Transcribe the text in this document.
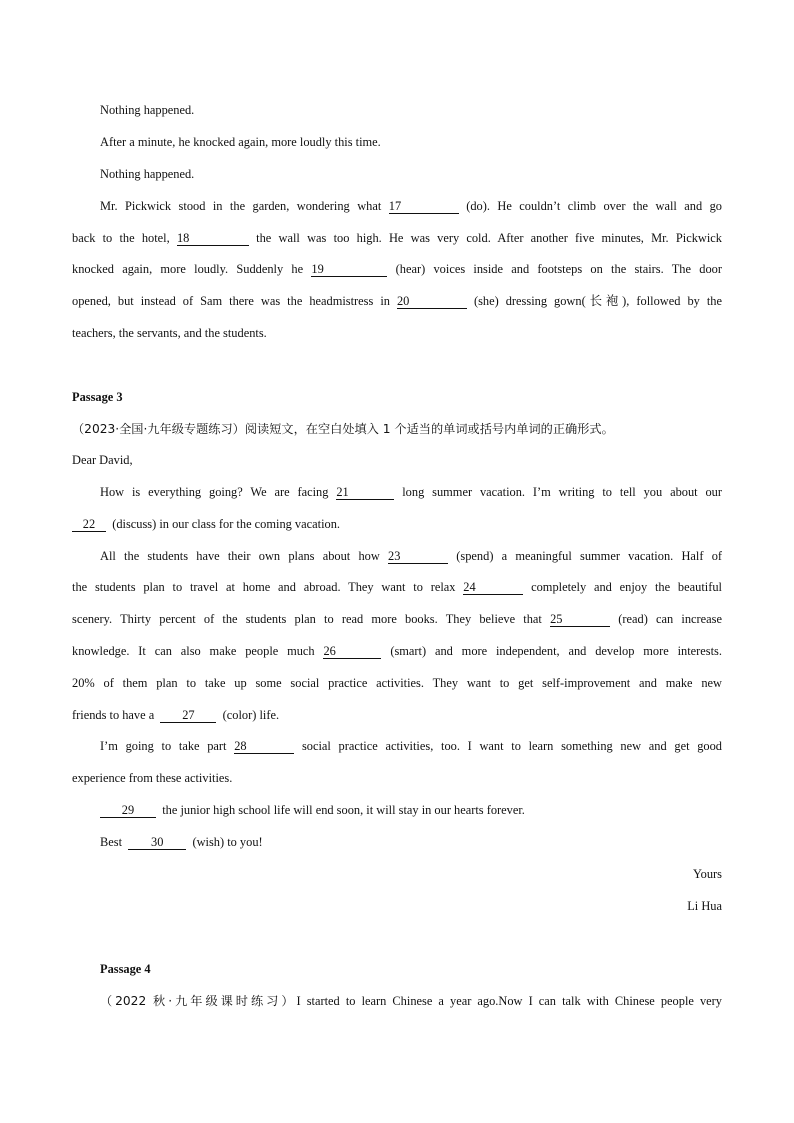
Nothing happened.
After a minute, he knocked again, more loudly this time.
Nothing happened.
Mr. Pickwick stood in the garden, wondering what 17	(do). He couldn’t climb over the wall and go
back to the hotel, 18	the wall was too high. He was very cold. After another five minutes, Mr. Pickwick
knocked again, more loudly. Suddenly he 19	(hear) voices inside and footsteps on the stairs. The door
opened, but instead of Sam there was the headmistress in 20	(she) dressing gown(长袍), followed by the
teachers, the servants, and the students.
Passage 3
（2023·全国·九年级专题练习）阅读短文，在空白处填入 1 个适当的单词或括号内单词的正确形式。
Dear David,
How is everything going? We are facing 21	long summer vacation. I’m writing to tell you about our
22 (discuss) in our class for the coming vacation.
All the students have their own plans about how 23	(spend) a meaningful summer vacation. Half of
the students plan to travel at home and abroad. They want to relax 24	completely and enjoy the beautiful
scenery. Thirty percent of the students plan to read more books. They believe that 25	(read) can increase
knowledge. It can also make people much 26	(smart) and more independent, and develop more interests.
20% of them plan to take up some social practice activities. They want to get self-improvement and make new
friends to have a 27 (color) life.
I’m going to take part 28	social practice activities, too. I want to learn something new and get good
experience from these activities.
29 the junior high school life will end soon, it will stay in our hearts forever.
Best 30 (wish) to you!
Yours
Li Hua
Passage 4
（2022 秋·九年级课时练习）I started to learn Chinese a year ago.Now I can talk with Chinese people very
